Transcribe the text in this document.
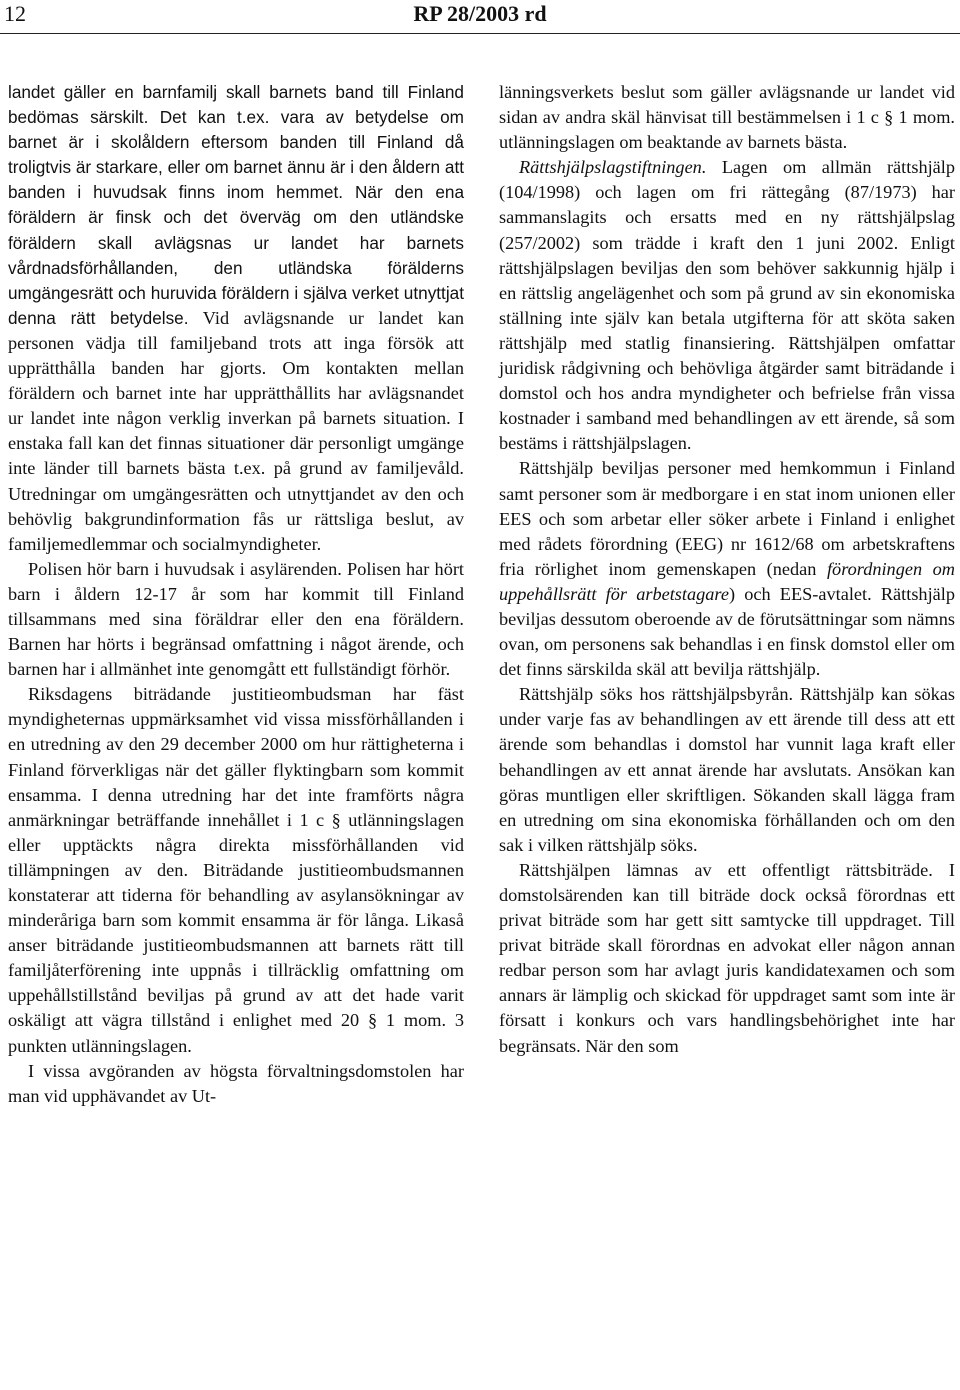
12	RP 28/2003 rd

landet gäller en barnfamilj skall barnets band till Finland bedömas särskilt. Det kan t.ex. vara av betydelse om barnet är i skolåldern eftersom banden till Finland då troligtvis är starkare, eller om barnet ännu är i den åldern att banden i huvudsak finns inom hemmet. När den ena föräldern är finsk och det överväg om den utländske föräldern skall avlägsnas ur landet har barnets vårdnadsförhållanden, den utländska förälderns umgängesrätt och huruvida föräldern i själva verket utnyttjat denna rätt betydelse. Vid avlägsnande ur landet kan personen vädja till familjeband trots att inga försök att upprätthålla banden har gjorts. Om kontakten mellan föräldern och barnet inte har upprätthållits har avlägsnandet ur landet inte någon verklig inverkan på barnets situation. I enstaka fall kan det finnas situationer där personligt umgänge inte länder till barnets bästa t.ex. på grund av familjevåld. Utredningar om umgängesrätten och utnyttjandet av den och behövlig bakgrundinformation fås ur rättsliga beslut, av familjemedlemmar och socialmyndigheter.

Polisen hör barn i huvudsak i asylärenden. Polisen har hört barn i åldern 12-17 år som har kommit till Finland tillsammans med sina föräldrar eller den ena föräldern. Barnen har hörts i begränsad omfattning i något ärende, och barnen har i allmänhet inte genomgått ett fullständigt förhör.

Riksdagens biträdande justitieombudsman har fäst myndigheternas uppmärksamhet vid vissa missförhållanden i en utredning av den 29 december 2000 om hur rättigheterna i Finland förverkligas när det gäller flyktingbarn som kommit ensamma. I denna utredning har det inte framförts några anmärkningar beträffande innehållet i 1 c § utlänningslagen eller upptäckts några direkta missförhållanden vid tillämpningen av den. Biträdande justitieombudsmannen konstaterar att tiderna för behandling av asylansökningar av minderåriga barn som kommit ensamma är för långa. Likaså anser biträdande justitieombudsmannen att barnets rätt till familjåterförening inte uppnås i tillräcklig omfattning om uppehållstillstånd beviljas på grund av att det hade varit oskäligt att vägra tillstånd i enlighet med 20 § 1 mom. 3 punkten utlänningslagen.

I vissa avgöranden av högsta förvaltningsdomstolen har man vid upphävandet av Ut-

länningsverkets beslut som gäller avlägsnande ur landet vid sidan av andra skäl hänvisat till bestämmelsen i 1 c § 1 mom. utlänningslagen om beaktande av barnets bästa.

Rättshjälpslagstiftningen. Lagen om allmän rättshjälp (104/1998) och lagen om fri rättegång (87/1973) har sammanslagits och ersatts med en ny rättshjälpslag (257/2002) som trädde i kraft den 1 juni 2002. Enligt rättshjälpslagen beviljas den som behöver sakkunnig hjälp i en rättslig angelägenhet och som på grund av sin ekonomiska ställning inte själv kan betala utgifterna för att sköta saken rättshjälp med statlig finansiering. Rättshjälpen omfattar juridisk rådgivning och behövliga åtgärder samt biträdande i domstol och hos andra myndigheter och befrielse från vissa kostnader i samband med behandlingen av ett ärende, så som bestäms i rättshjälpslagen.

Rättshjälp beviljas personer med hemkommun i Finland samt personer som är medborgare i en stat inom unionen eller EES och som arbetar eller söker arbete i Finland i enlighet med rådets förordning (EEG) nr 1612/68 om arbetskraftens fria rörlighet inom gemenskapen (nedan förordningen om uppehållsrätt för arbetstagare) och EES-avtalet. Rättshjälp beviljas dessutom oberoende av de förutsättningar som nämns ovan, om personens sak behandlas i en finsk domstol eller om det finns särskilda skäl att bevilja rättshjälp.

Rättshjälp söks hos rättshjälpsbyrån. Rättshjälp kan sökas under varje fas av behandlingen av ett ärende till dess att ett ärende som behandlas i domstol har vunnit laga kraft eller behandlingen av ett annat ärende har avslutats. Ansökan kan göras muntligen eller skriftligen. Sökanden skall lägga fram en utredning om sina ekonomiska förhållanden och om den sak i vilken rättshjälp söks.

Rättshjälpen lämnas av ett offentligt rättsbiträde. I domstolsärenden kan till biträde dock också förordnas ett privat biträde som har gett sitt samtycke till uppdraget. Till privat biträde skall förordnas en advokat eller någon annan redbar person som har avlagt juris kandidatexamen och som annars är lämplig och skickad för uppdraget samt som inte är försatt i konkurs och vars handlingsbehörighet inte har begränsats. När den som
